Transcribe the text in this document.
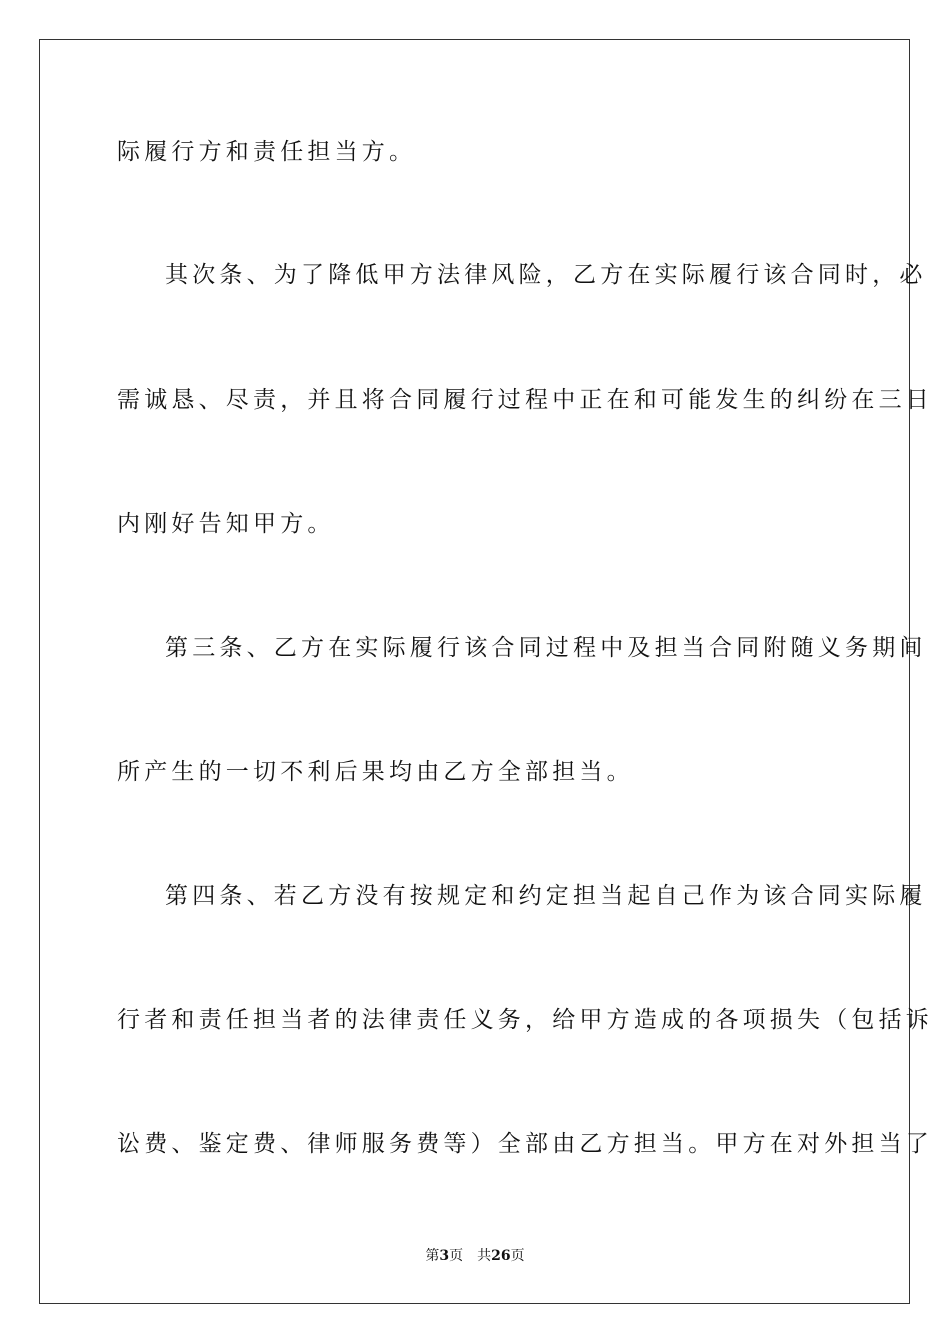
际履行方和责任担当方。
其次条、为了降低甲方法律风险，乙方在实际履行该合同时，必
需诚恳、尽责，并且将合同履行过程中正在和可能发生的纠纷在三日
内刚好告知甲方。
第三条、乙方在实际履行该合同过程中及担当合同附随义务期间
所产生的一切不利后果均由乙方全部担当。
第四条、若乙方没有按规定和约定担当起自己作为该合同实际履
行者和责任担当者的法律责任义务，给甲方造成的各项损失（包括诉
讼费、鉴定费、律师服务费等）全部由乙方担当。甲方在对外担当了
第3页 共26页
